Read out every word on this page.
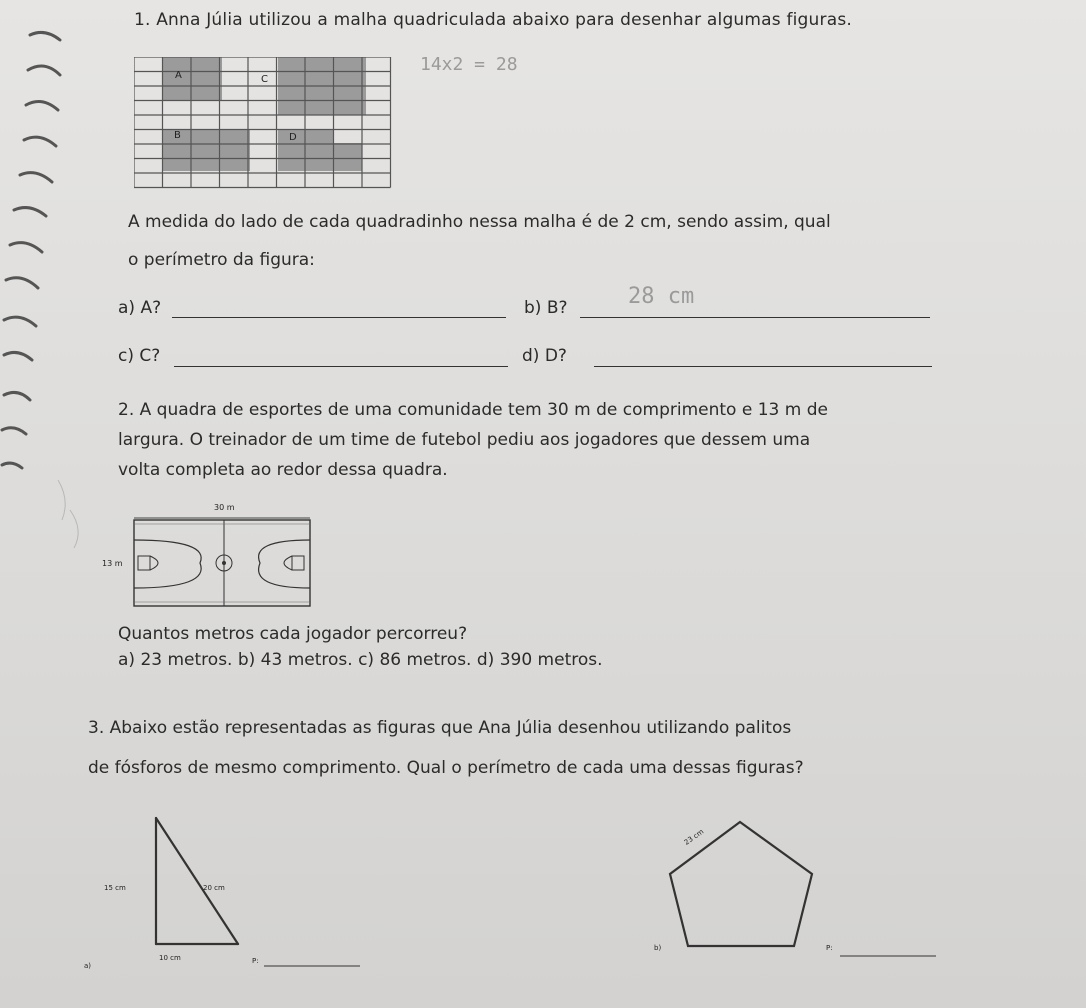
1. Anna Júlia utilizou a malha quadriculada abaixo para desenhar algumas figuras.
A	C
B	D
14x2 = 28
A medida do lado de cada quadradinho nessa malha é de 2 cm, sendo assim, qual
o perímetro da figura:
a) A?	b) B?	28 cm
c) C?	d) D?
2. A quadra de esportes de uma comunidade tem 30 m de comprimento e 13 m de
largura. O treinador de um time de futebol pediu aos jogadores que dessem uma
volta completa ao redor dessa quadra.
30 m
13 m
Quantos metros cada jogador percorreu?
a) 23 metros. b) 43 metros. c) 86 metros. d) 390 metros.
3. Abaixo estão representadas as figuras que Ana Júlia desenhou utilizando palitos
de fósforos de mesmo comprimento. Qual o perímetro de cada uma dessas figuras?
15 cm	20 cm
10 cm
a)
P:
23 cm
b)	P:
